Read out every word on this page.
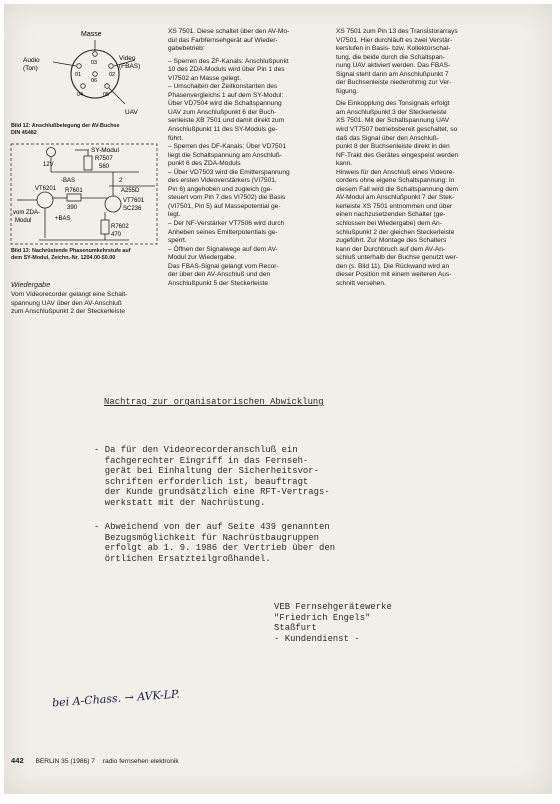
Masse
Audio
(Ton)
Video
(FBAS)
UAV
03
01
06
02
04	05
Bild 12: Anschlußbelegung der AV-Buchse
DIN 45482
SY-Modul
12V
R7507
560
-BAS	2
A255D
VT6201
vom ZDA-
Modul
R7601
390
VT7601
SC236
+BAS
R7602
470
Bild 13: Nachrüstende Phasenumkehrstufe auf
dem SY-Modul, Zeichn.-Nr. 1204.00-50.00
Wiedergabe

Vom Videorecorder gelangt eine Schalt-

spannung UAV über den AV-Anschluß

zum Anschlußpunkt 2 der Steckerleiste

XS 7501. Diese schaltet über den AV-Mo-

dul das Farbfernsehgerät auf Wieder-

gabebetrieb:

– Sperren des ZF-Kanals: Anschlußpunkt

10 des ZDA-Moduls wird über Pin 1 des

VI7502 an Masse gelegt.

– Umschalten der Zeitkonstanten des

Phasenvergleichs 1 auf dem SY-Modul:

Über VD7504 wird die Schaltspannung

UAV zum Anschlußpunkt 6 der Buch-

senleiste XB 7501 und damit direkt zum

Anschlußpunkt 11 des SY-Moduls ge-

führt.

– Sperren des DF-Kanals: Über VD7501

liegt die Schaltspannung am Anschluß-

punkt 6 des ZDA-Moduls

– Über VD7503 wird die Emitterspannung

des ersten Videoverstärkers (VI7501,

Pin 6) angehoben und zugleich (ge-

steuert vom Pin 7 des VI7502) die Basis

(VI7501, Pin 5) auf Massepotential ge-

legt.

– Der NF-Verstärker VT7506 wird durch

Anheben seines Emitterpotentials ge-

sperrt.

– Öffnen der Signalwege auf dem AV-

Modul zur Wiedergabe.

Das FBAS-Signal gelangt vom Recor-

der über den AV-Anschluß und den

Anschlußpunkt 5 der Steckerleiste

XS 7501 zum Pin 13 des Transistorarrays

VI7501. Hier durchläuft es zwei Verstär-

kerstufen in Basis- bzw. Kollektorschal-

tung, die beide durch die Schaltspan-

nung UAV aktiviert werden. Das FBAS-

Signal steht dann am Anschlußpunkt 7

der Buchsenleiste niederohmig zur Ver-

fügung.

Die Einkopplung des Tonsignals erfolgt

am Anschlußpunkt 3 der Steckerleiste

XS 7501. Mit der Schaltspannung UAV

wird VT7507 betriebsbereit geschaltet, so

daß das Signal über den Anschluß-

punkt 8 der Buchsenleiste direkt in den

NF-Trakt des Gerätes eingespeist werden

kann.

Hinweis für den Anschluß eines Videore-

corders ohne eigene Schaltspannung: In

diesem Fall wird die Schaltspannung dem

AV-Modul am Anschlußpunkt 7 der Stek-

kerleiste XS 7501 entnommen und über

einen nachzusetzenden Schalter (ge-

schlossen bei Wiedergabe) dem An-

schlußpunkt 2 der gleichen Steckerleiste

zugeführt. Zur Montage des Schalters

kann der Durchbruch auf dem AV-An-

schluß unterhalb der Buchse genutzt wer-

den (s. Bild 11). Die Rückwand wird an

dieser Position mit einem weiteren Aus-

schnitt versehen.

Nachtrag zur organisatorischen Abwicklung

- Da für den Videorecorderanschluß ein

fachgerechter Eingriff in das Fernseh-

gerät bei Einhaltung der Sicherheitsvor-

schriften erforderlich ist, beauftragt

der Kunde grundsätzlich eine RFT-Vertrags-

werkstatt mit der Nachrüstung.

- Abweichend von der auf Seite 439 genannten

Bezugsmöglichkeit für Nachrüstbaugruppen

erfolgt ab 1. 9. 1986 der Vertrieb über den

örtlichen Ersatzteilgroßhandel.

VEB Fernsehgerätewerke

"Friedrich Engels"

Staßfurt

- Kundendienst -

bei A-Chass. → AVK-LP.
442 BERLIN 35 (1986) 7 radio fernsehen elektronik
